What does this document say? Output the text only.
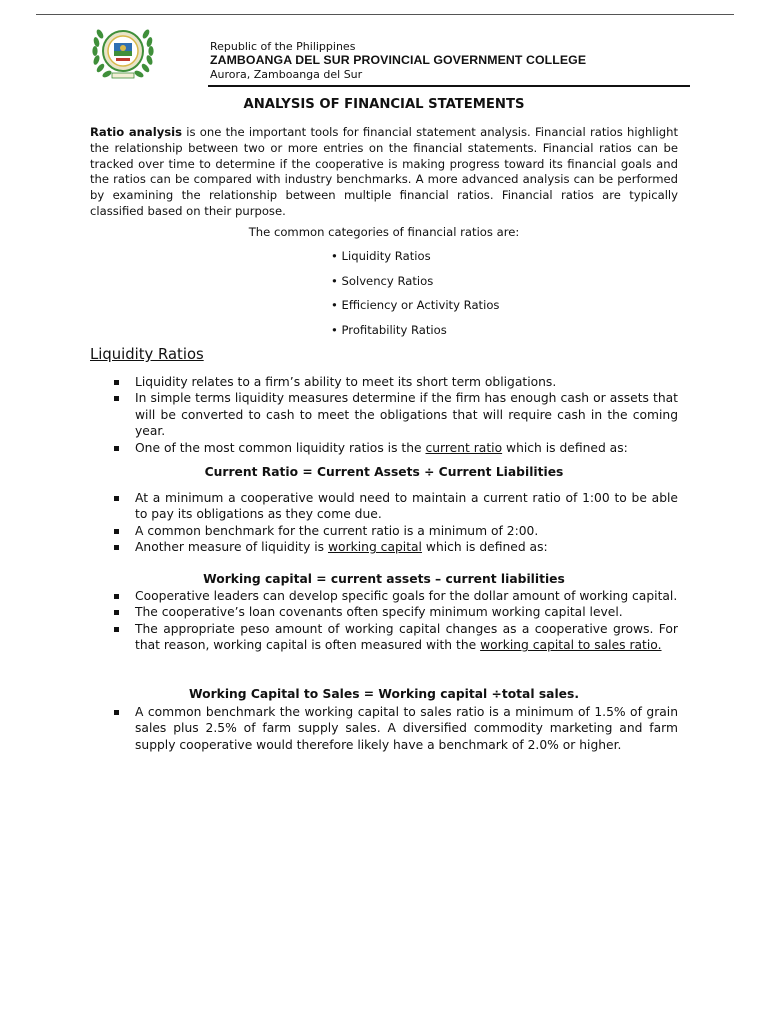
Republic of the Philippines
ZAMBOANGA DEL SUR PROVINCIAL GOVERNMENT COLLEGE
Aurora, Zamboanga del Sur
ANALYSIS OF FINANCIAL STATEMENTS
Ratio analysis is one the important tools for financial statement analysis. Financial ratios highlight the relationship between two or more entries on the financial statements. Financial ratios can be tracked over time to determine if the cooperative is making progress toward its financial goals and the ratios can be compared with industry benchmarks. A more advanced analysis can be performed by examining the relationship between multiple financial ratios. Financial ratios are typically classified based on their purpose.
The common categories of financial ratios are:
• Liquidity Ratios
• Solvency Ratios
• Efficiency or Activity Ratios
• Profitability Ratios
Liquidity Ratios
Liquidity relates to a firm’s ability to meet its short term obligations.
In simple terms liquidity measures determine if the firm has enough cash or assets that will be converted to cash to meet the obligations that will require cash in the coming year.
One of the most common liquidity ratios is the current ratio which is defined as:
Current Ratio = Current Assets ÷ Current Liabilities
At a minimum a cooperative would need to maintain a current ratio of 1:00 to be able to pay its obligations as they come due.
A common benchmark for the current ratio is a minimum of 2:00.
Another measure of liquidity is working capital which is defined as:
Working capital = current assets – current liabilities
Cooperative leaders can develop specific goals for the dollar amount of working capital.
The cooperative’s loan covenants often specify minimum working capital level.
The appropriate peso amount of working capital changes as a cooperative grows. For that reason, working capital is often measured with the working capital to sales ratio.
Working Capital to Sales = Working capital ÷total sales.
A common benchmark the working capital to sales ratio is a minimum of 1.5% of grain sales plus 2.5% of farm supply sales. A diversified commodity marketing and farm supply cooperative would therefore likely have a benchmark of 2.0% or higher.
